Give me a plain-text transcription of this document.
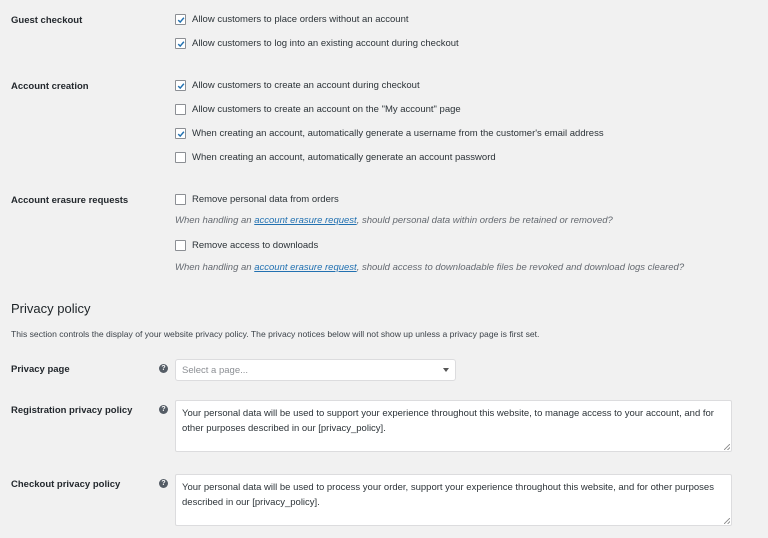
Guest checkout	Allow customers to place orders without an account
Allow customers to log into an existing account during checkout
Account creation	Allow customers to create an account during checkout
Allow customers to create an account on the "My account" page
When creating an account, automatically generate a username from the customer's email address
When creating an account, automatically generate an account password
Account erasure requests	Remove personal data from orders
When handling an account erasure request, should personal data within orders be retained or removed?
Remove access to downloads
When handling an account erasure request, should access to downloadable files be revoked and download logs cleared?
Privacy policy
This section controls the display of your website privacy policy. The privacy notices below will not show up unless a privacy page is first set.
Privacy page	? Select a page...
Registration privacy policy	?	Your personal data will be used to support your experience throughout this website, to manage access to your account, and for other purposes described in our [privacy_policy].
Checkout privacy policy	?	Your personal data will be used to process your order, support your experience throughout this website, and for other purposes described in our [privacy_policy].
